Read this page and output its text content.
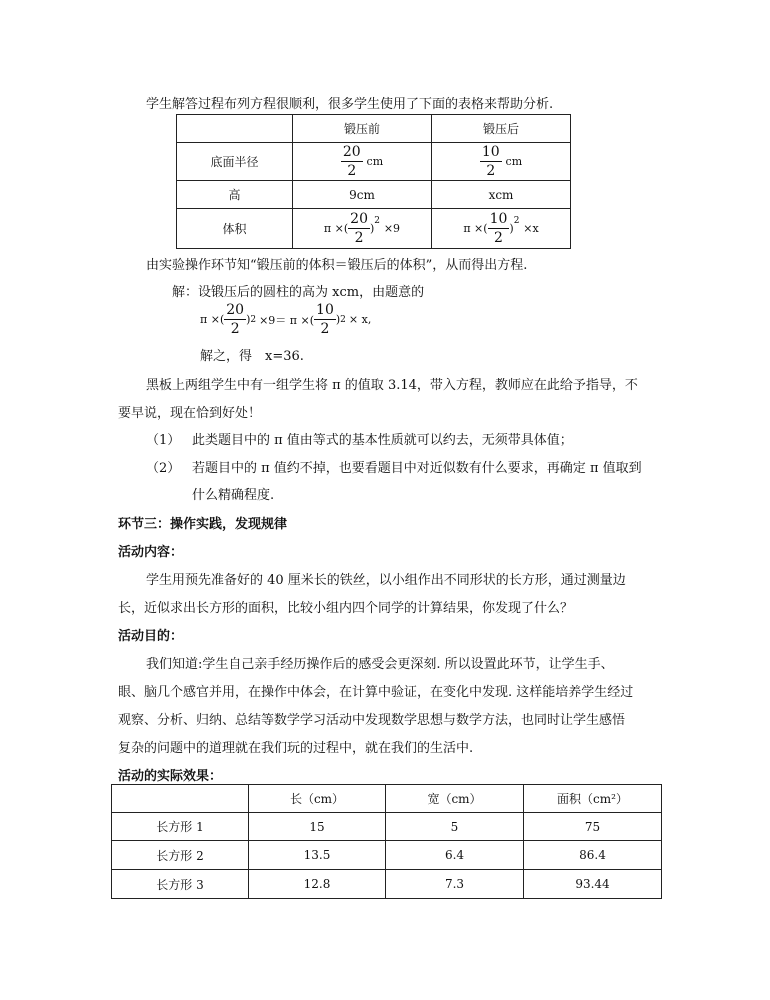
学生解答过程布列方程很顺利，很多学生使用了下面的表格来帮助分析.
	锻压前	锻压后
底面半径	$\frac{20}{2}$ cm	$\frac{10}{2}$ cm
高	9cm	xcm
体积	π ×( $\frac{20}{2} )^2 \times 9$	π ×( $\frac{10}{2} )^2 \times x$
由实验操作环节知“锻压前的体积＝锻压后的体积”，从而得出方程.
解：设锻压后的圆柱的高为 xcm，由题意的
π ×( $\frac{20}{2}$ ) 2 ×9＝ π ×( $\frac{10}{2}$ ) 2 × x,
解之，得　x=36.
黑板上两组学生中有一组学生将 π 的值取 3.14，带入方程，教师应在此给予指导，不
要早说，现在恰到好处！
（1） 此类题目中的 π 值由等式的基本性质就可以约去，无须带具体值；
（2） 若题目中的 π 值约不掉，也要看题目中对近似数有什么要求，再确定 π 值取到
什么精确程度.
环节三：操作实践，发现规律
活动内容：
学生用预先准备好的 40 厘米长的铁丝，以小组作出不同形状的长方形，通过测量边
长，近似求出长方形的面积，比较小组内四个同学的计算结果，你发现了什么？
活动目的：
我们知道:学生自己亲手经历操作后的感受会更深刻. 所以设置此环节，让学生手、
眼、脑几个感官并用，在操作中体会，在计算中验证，在变化中发现. 这样能培养学生经过
观察、分析、归纳、总结等数学学习活动中发现数学思想与数学方法，也同时让学生感悟
复杂的问题中的道理就在我们玩的过程中，就在我们的生活中.
活动的实际效果：
	长（cm）	宽（cm）	面积（cm²）
长方形 1	15	5	75
长方形 2	13.5	6.4	86.4
长方形 3	12.8	7.3	93.44
